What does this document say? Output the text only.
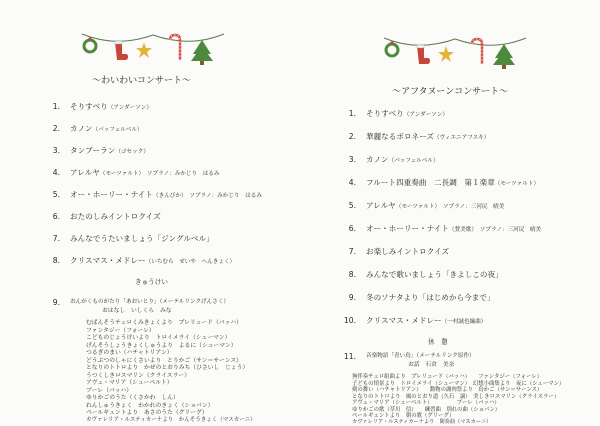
～わいわいコンサート～
1. そりすべり（アンダーソン）
2. カノン（パッフェルベル）
3. タンブーラン（ゴセック）
4. アレルヤ（モーツァルト）　ソプラノ：みかじり　はるみ
5. オー・ホーリー・ナイト（きんびか）　ソプラノ：みかじり　はるみ
6. おたのしみイントロクイズ
7. みんなでうたいましょう「ジングルベル」
8. クリスマス・メドレー（いちむら　せいや　へんきょく）
きゅうけい
9. おんがくものがたり「あおいとり」（メーテルリンクげんさく）
おはなし　いしくら　みな
むぱんそうチェロくみきょくより　プレリュード（バッハ）
ファンタジー（フォーレ）
こどものじょうけいより　トロイメライ（シューマン）
げんそうしょうきょくしゅうより　よるに（シューマン）
つるぎのまい（ハチャトリアン）
どうぶつのしゃにくさいより　とりかご（サン＝サーンス）
となりのトトロより　かぜのとおりみち（ひさいし　じょう）
うつくしきロスマリン（クライスラー）
アヴェ・マリア（シューベルト）
ブーレ（バッハ）
ゆりかごのうた（くさかわ　しん）
れんしゅうきょく　わかれのきょく（ショパン）
ペールギュントより　あさのうた（グリーグ）
カヴァレリア・ルスティカーナより　かんそうきょく（マスカーニ）
～アフタヌーンコンサート～
1. そりすべり（アンダーソン）
2. 華麗なるボロネーズ（ヴィエニアフスキ）
3. カノン（パッフェルベル）
4. フルート四重奏曲　二長調　第１楽章（モーツァルト）
5. アレルヤ（モーツァルト）　ソプラノ：三河尻　晴美
6. オー・ホーリー・ナイト（賛美歌）　ソプラノ：三河尻　晴美
7. お楽しみイントロクイズ
8. みんなで歌いましょう「きよしこの夜」
9. 冬のソナタより「はじめから今まで」
10. クリスマス・メドレー（一村誠也編曲）
休　憩
11. 音楽物語「青い鳥」（メーテルリンク原作）
お話　石倉　美奈
無伴奏チェロ組曲より　プレリュード（バッハ）　　ファンタジー（フォーレ）
子どもの情景より　トロイメライ（シューマン）　幻想小曲集より　夜に（シューマン）
剣の舞い（ハチャトリアン）　　動物の謝肉祭より　鳥かご（サン＝サーンス）
となりのトトロより　風のとおり道（久石　譲）　美しきロスマリン（クライスラー）
アヴェ・マリア（シューベルト）　　　　　ブーレ（バッハ）
ゆりかごの歌（草川　信）　　練習曲　別れの曲（ショパン）
ペールギュントより　朝の歌（グリーグ）
カヴァレリア・ルスティカーナより　間奏曲（マスカーニ）
